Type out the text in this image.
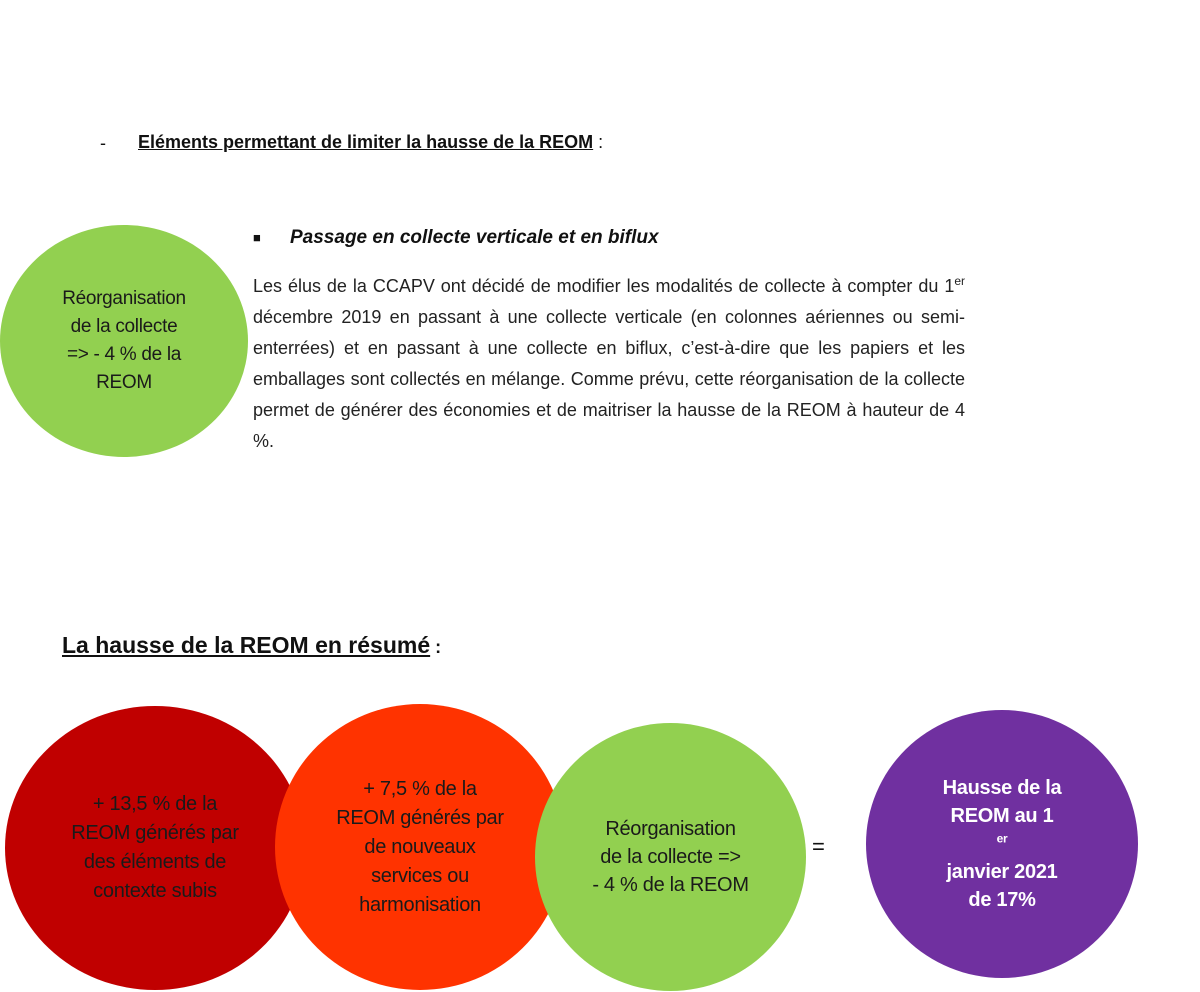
- Eléments permettant de limiter la hausse de la REOM :
Réorganisation
de la collecte
=> - 4 % de la
REOM
■ Passage en collecte verticale et en biflux
Les élus de la CCAPV ont décidé de modifier les modalités de collecte à compter du 1er décembre 2019 en passant à une collecte verticale (en colonnes aériennes ou semi-enterrées) et en passant à une collecte en biflux, c’est-à-dire que les papiers et les emballages sont collectés en mélange. Comme prévu, cette réorganisation de la collecte permet de générer des économies et de maitriser la hausse de la REOM à hauteur de 4 %.
La hausse de la REOM en résumé :
+ 13,5 % de la
REOM générés par
des éléments de
contexte subis
+ 7,5 % de la
REOM générés par
de nouveaux
services ou
harmonisation
Réorganisation
de la collecte =>
- 4 % de la REOM
=
Hausse de la
REOM au 1
$^{er}$
janvier 2021
de 17%
